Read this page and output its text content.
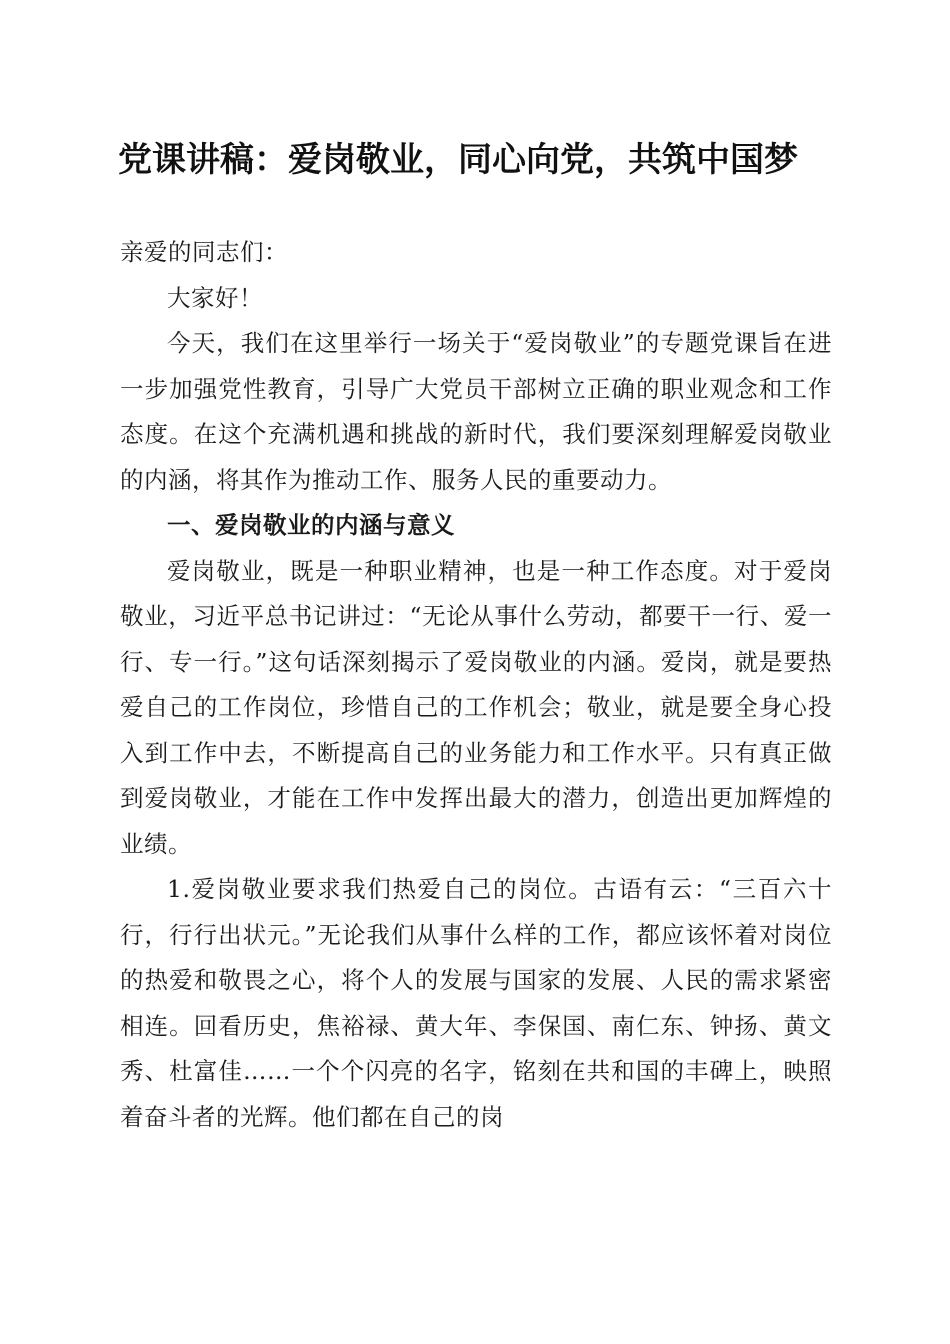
党课讲稿：爱岗敬业，同心向党，共筑中国梦

亲爱的同志们：

大家好！

今天，我们在这里举行一场关于“爱岗敬业”的专题党课旨在进一步加强党性教育，引导广大党员干部树立正确的职业观念和工作态度。在这个充满机遇和挑战的新时代，我们要深刻理解爱岗敬业的内涵，将其作为推动工作、服务人民的重要动力。

一、爱岗敬业的内涵与意义

爱岗敬业，既是一种职业精神，也是一种工作态度。对于爱岗敬业，习近平总书记讲过：“无论从事什么劳动，都要干一行、爱一行、专一行。”这句话深刻揭示了爱岗敬业的内涵。爱岗，就是要热爱自己的工作岗位，珍惜自己的工作机会；敬业，就是要全身心投入到工作中去，不断提高自己的业务能力和工作水平。只有真正做到爱岗敬业，才能在工作中发挥出最大的潜力，创造出更加辉煌的业绩。

1.爱岗敬业要求我们热爱自己的岗位。古语有云：“三百六十行，行行出状元。”无论我们从事什么样的工作，都应该怀着对岗位的热爱和敬畏之心，将个人的发展与国家的发展、人民的需求紧密相连。回看历史，焦裕禄、黄大年、李保国、南仁东、钟扬、黄文秀、杜富佳……一个个闪亮的名字，铭刻在共和国的丰碑上，映照着奋斗者的光辉。他们都在自己的岗
